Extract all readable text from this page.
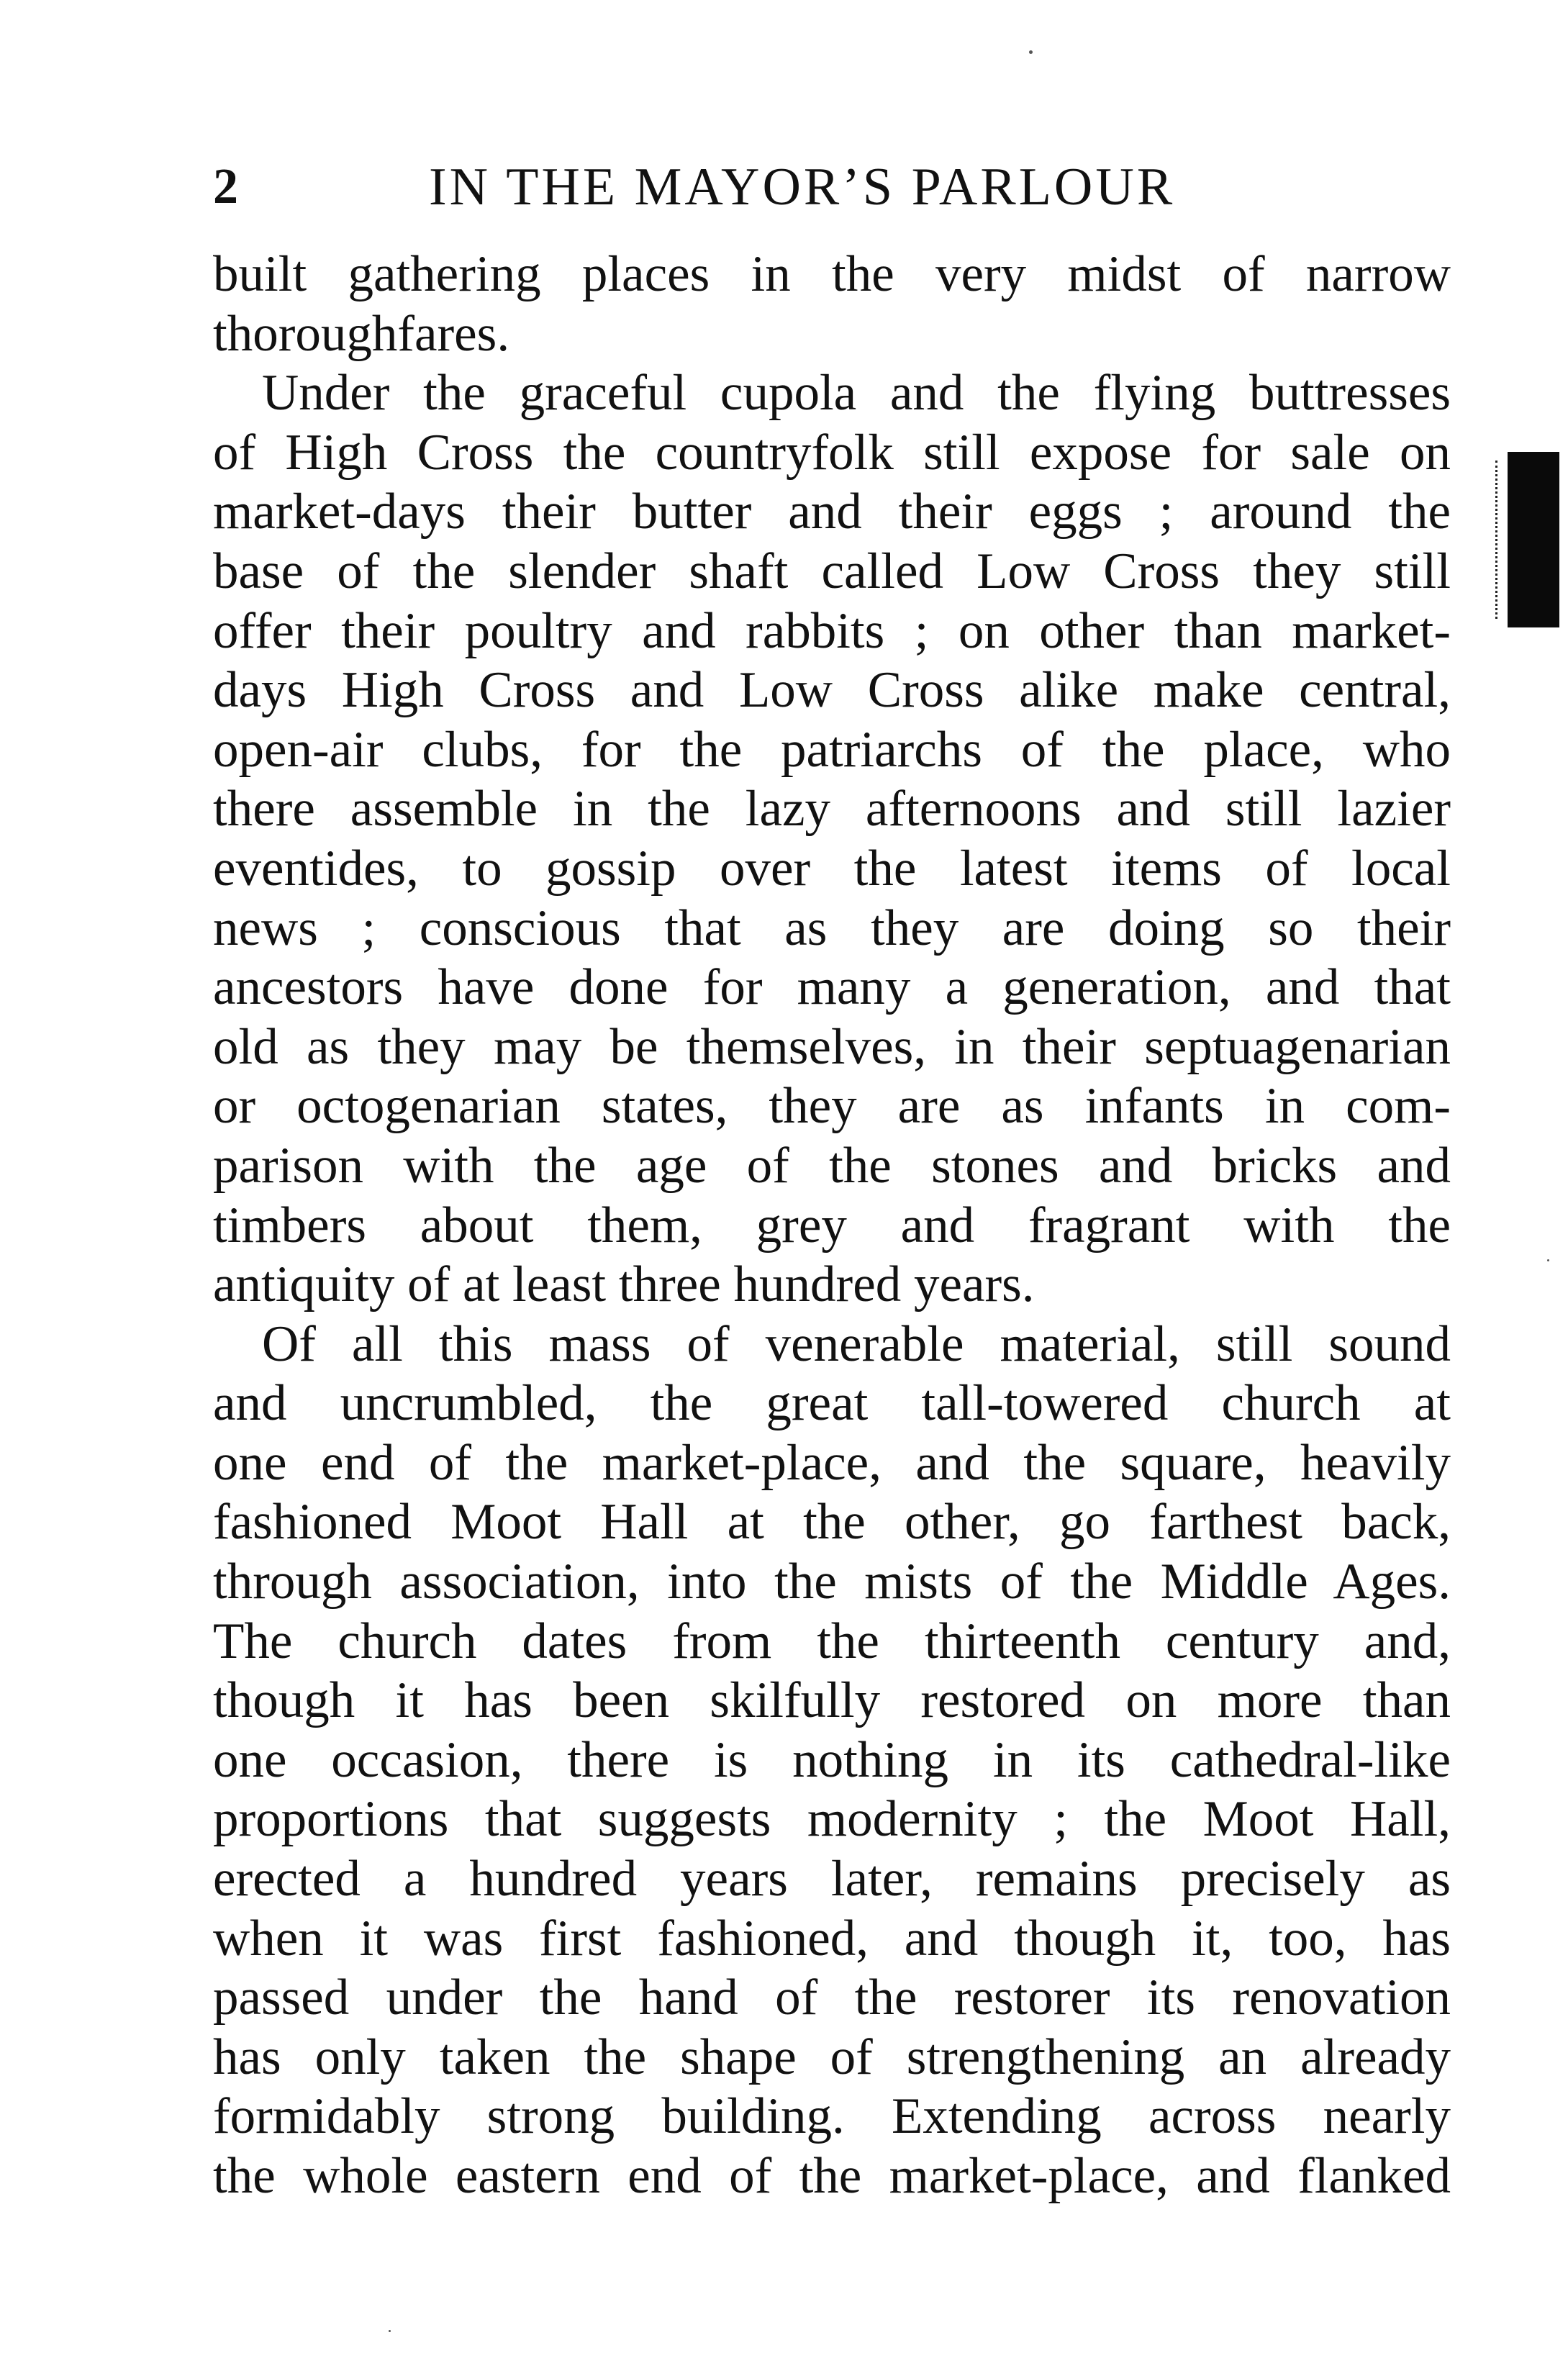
2	IN THE MAYOR’S PARLOUR
built gathering places in the very midst of narrow
thoroughfares.
Under the graceful cupola and the flying buttresses
of High Cross the countryfolk still expose for sale on
market-days their butter and their eggs ; around the
base of the slender shaft called Low Cross they still
offer their poultry and rabbits ; on other than market-
days High Cross and Low Cross alike make central,
open-air clubs, for the patriarchs of the place, who
there assemble in the lazy afternoons and still lazier
eventides, to gossip over the latest items of local
news ; conscious that as they are doing so their
ancestors have done for many a generation, and that
old as they may be themselves, in their septuagenarian
or octogenarian states, they are as infants in com-
parison with the age of the stones and bricks and
timbers about them, grey and fragrant with the
antiquity of at least three hundred years.
Of all this mass of venerable material, still sound
and uncrumbled, the great tall-towered church at
one end of the market-place, and the square, heavily
fashioned Moot Hall at the other, go farthest back,
through association, into the mists of the Middle Ages.
The church dates from the thirteenth century and,
though it has been skilfully restored on more than
one occasion, there is nothing in its cathedral-like
proportions that suggests modernity ; the Moot Hall,
erected a hundred years later, remains precisely as
when it was first fashioned, and though it, too, has
passed under the hand of the restorer its renovation
has only taken the shape of strengthening an already
formidably strong building. Extending across nearly
the whole eastern end of the market-place, and flanked
